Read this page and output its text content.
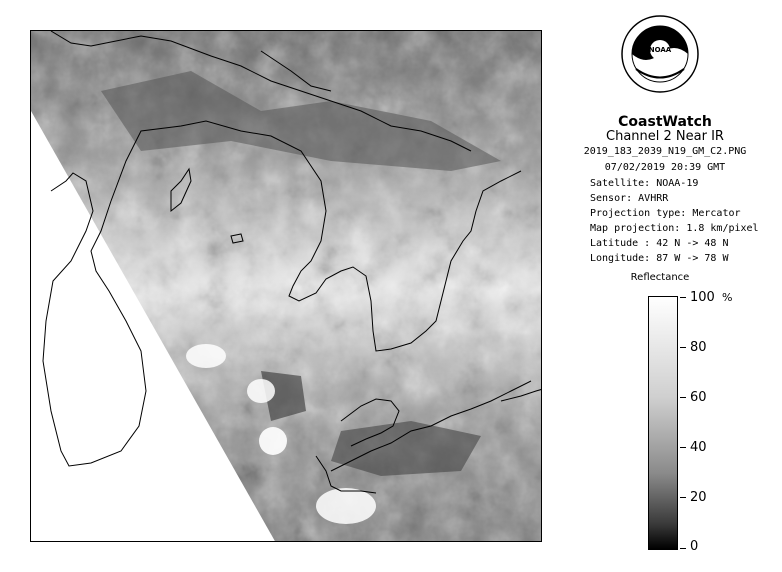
NOAA
CoastWatch
Channel 2 Near IR
2019_183_2039_N19_GM_C2.PNG
07/02/2019 20:39 GMT
Satellite: NOAA-19
Sensor: AVHRR
Projection type: Mercator
Map projection: 1.8 km/pixel
Latitude : 42 N -> 48 N
Longitude: 87 W -> 78 W
Reflectance
%
100
80
60
40
20
0
